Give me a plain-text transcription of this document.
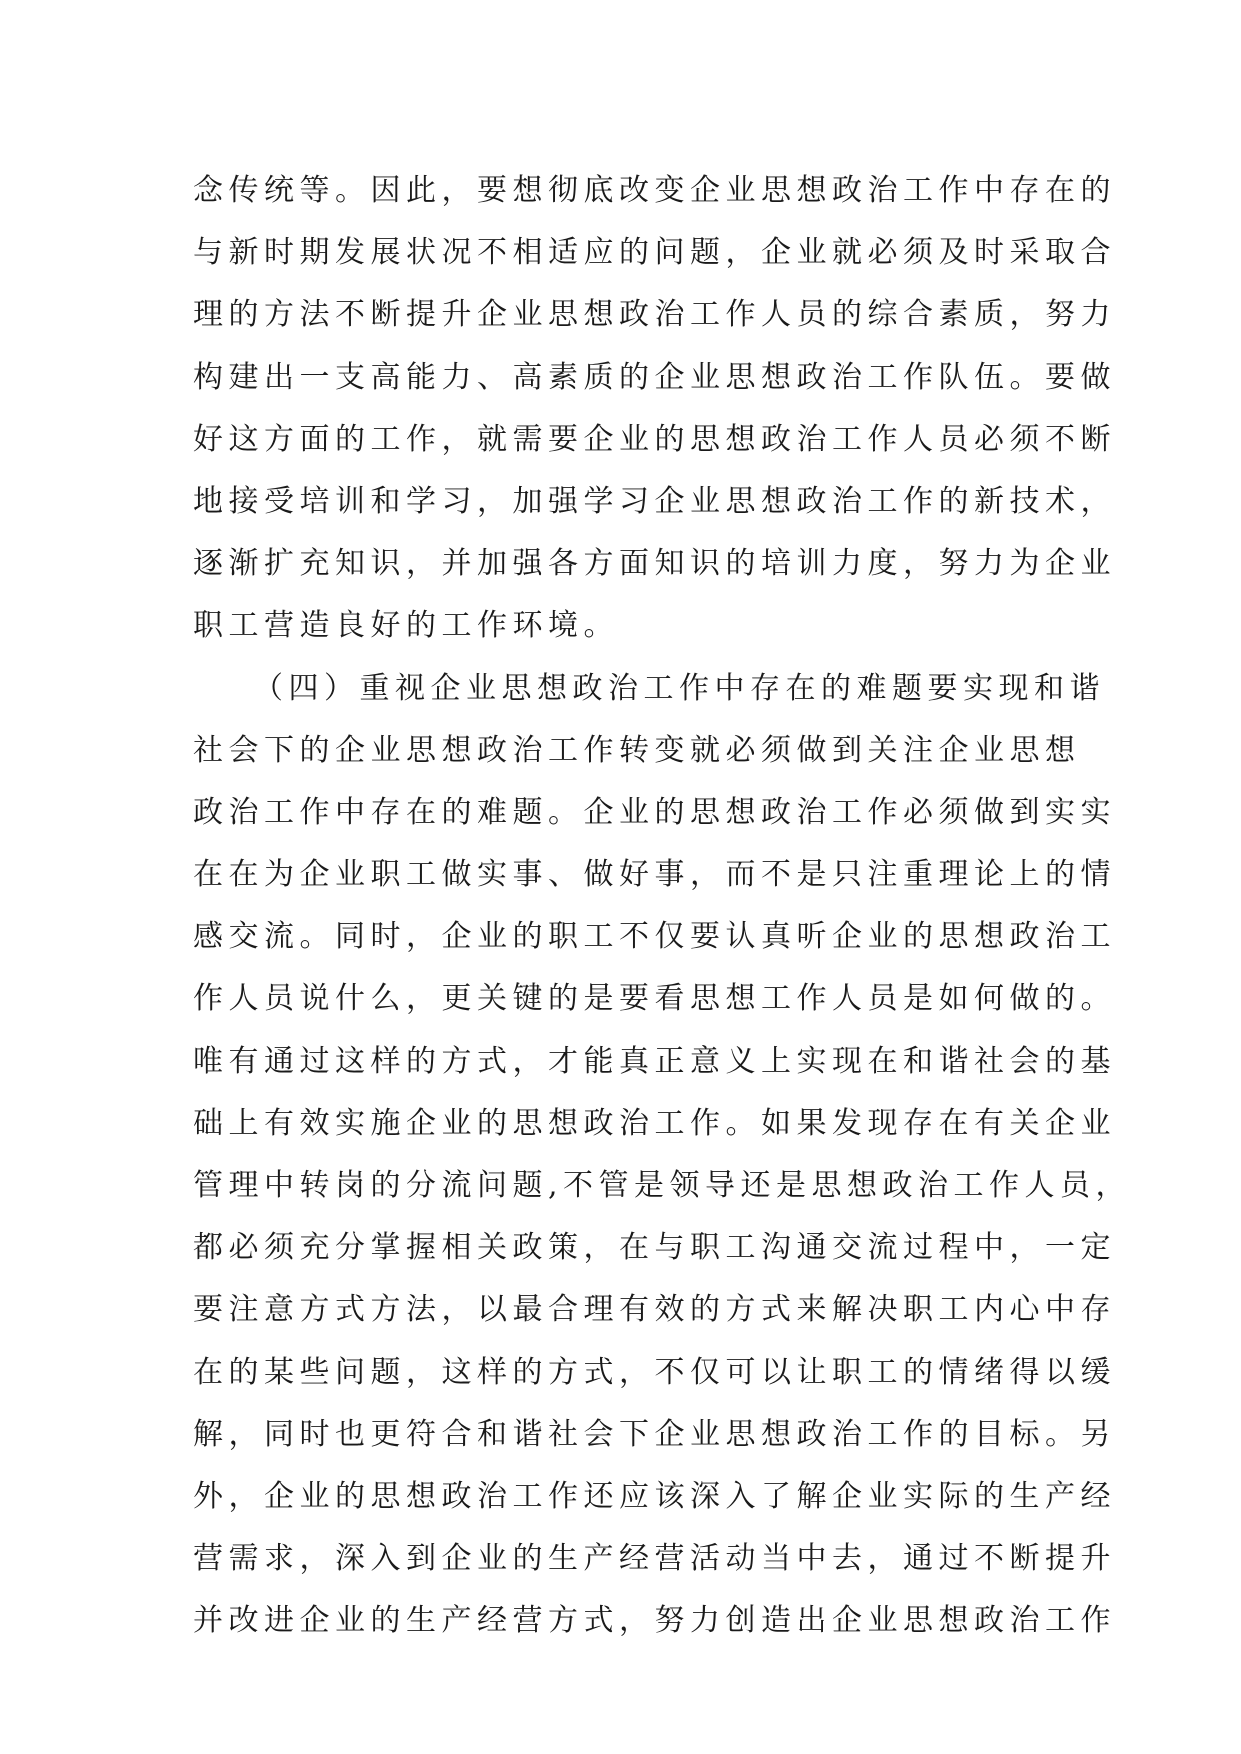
念传统等。因此，要想彻底改变企业思想政治工作中存在的
与新时期发展状况不相适应的问题，企业就必须及时采取合
理的方法不断提升企业思想政治工作人员的综合素质，努力
构建出一支高能力、高素质的企业思想政治工作队伍。要做
好这方面的工作，就需要企业的思想政治工作人员必须不断
地接受培训和学习，加强学习企业思想政治工作的新技术，
逐渐扩充知识，并加强各方面知识的培训力度，努力为企业
职工营造良好的工作环境。
（四）重视企业思想政治工作中存在的难题要实现和谐
社会下的企业思想政治工作转变就必须做到关注企业思想
政治工作中存在的难题。企业的思想政治工作必须做到实实
在在为企业职工做实事、做好事，而不是只注重理论上的情
感交流。同时，企业的职工不仅要认真听企业的思想政治工
作人员说什么，更关键的是要看思想工作人员是如何做的。
唯有通过这样的方式，才能真正意义上实现在和谐社会的基
础上有效实施企业的思想政治工作。如果发现存在有关企业
管理中转岗的分流问题,不管是领导还是思想政治工作人员，
都必须充分掌握相关政策，在与职工沟通交流过程中，一定
要注意方式方法，以最合理有效的方式来解决职工内心中存
在的某些问题，这样的方式，不仅可以让职工的情绪得以缓
解，同时也更符合和谐社会下企业思想政治工作的目标。另
外，企业的思想政治工作还应该深入了解企业实际的生产经
营需求，深入到企业的生产经营活动当中去，通过不断提升
并改进企业的生产经营方式，努力创造出企业思想政治工作
